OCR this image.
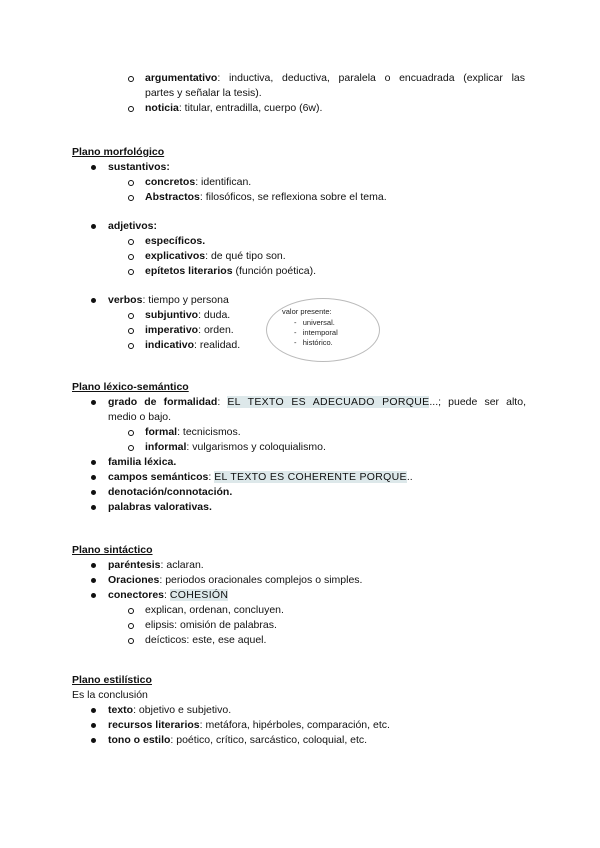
argumentativo: inductiva, deductiva, paralela o encuadrada (explicar las
partes y señalar la tesis).
noticia: titular, entradilla, cuerpo (6w).
Plano morfológico
sustantivos:
concretos: identifican.
Abstractos: filosóficos, se reflexiona sobre el tema.
adjetivos:
específicos.
explicativos: de qué tipo son.
epítetos literarios (función poética).
verbos: tiempo y persona
subjuntivo: duda.
imperativo: orden.
indicativo: realidad.
valor presente:
-   universal.
-   intemporal
-   histórico.
Plano léxico-semántico
grado de formalidad: EL TEXTO ES ADECUADO PORQUE...; puede ser alto,
medio o bajo.
formal: tecnicismos.
informal: vulgarismos y coloquialismo.
familia léxica.
campos semánticos: EL TEXTO ES COHERENTE PORQUE..
denotación/connotación.
palabras valorativas.
Plano sintáctico
paréntesis: aclaran.
Oraciones: periodos oracionales complejos o simples.
conectores: COHESIÓN
explican, ordenan, concluyen.
elipsis: omisión de palabras.
deícticos: este, ese aquel.
Plano estilístico
Es la conclusión
texto: objetivo e subjetivo.
recursos literarios: metáfora, hipérboles, comparación, etc.
tono o estilo: poético, crítico, sarcástico, coloquial, etc.
